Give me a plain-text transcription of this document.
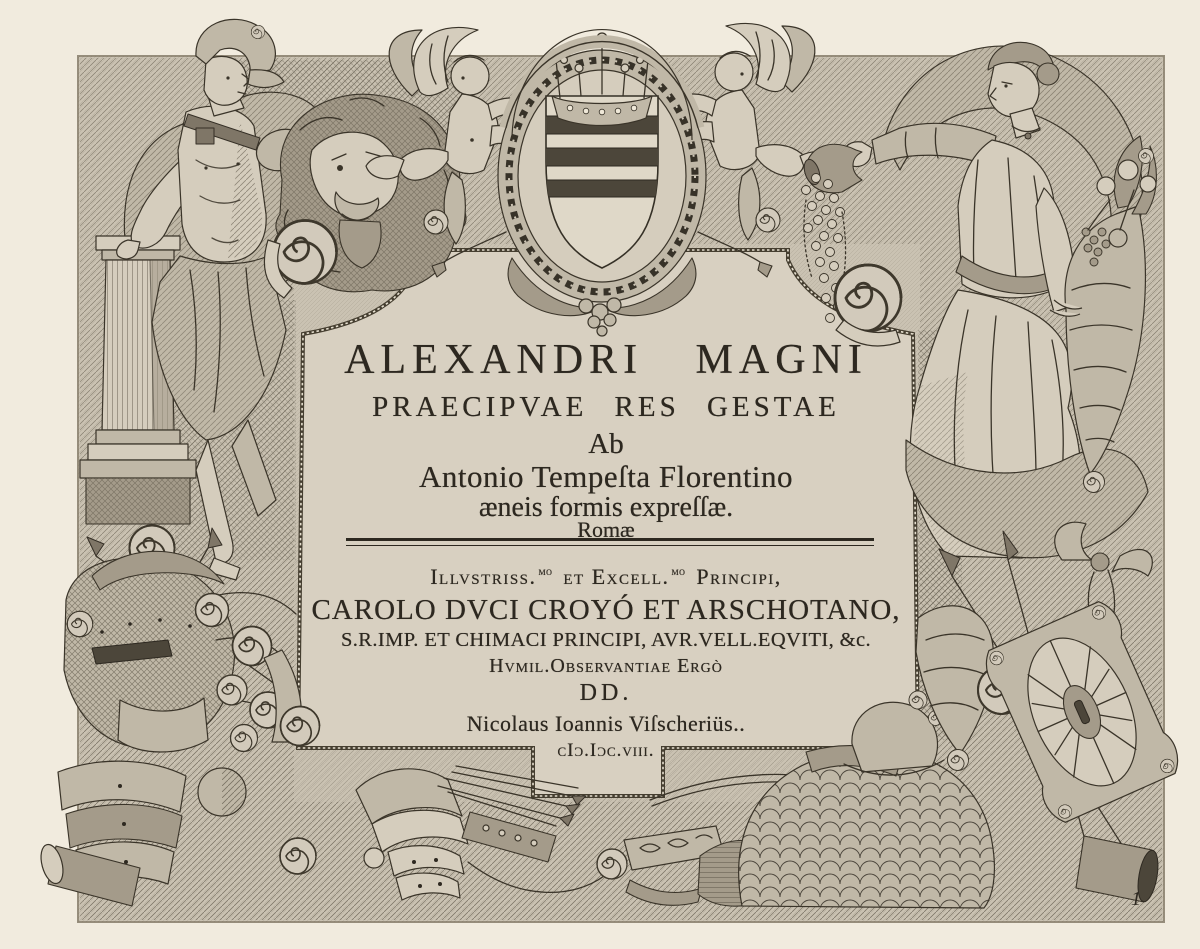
ALEXANDRI MAGNI
PRAECIPVAE RES GESTAE
Ab
Antonio Tempeſta Florentino
æneis formis expreſſæ.
Romæ
Illvstriss. $^{mo}$ et Excell. $^{mo}$ Principi,
CAROLO DVCI CROYÓ ET ARSCHOTANO,
S.R.IMP. ET CHIMACI PRINCIPI, AVR.VELL.EQVITI, &c.
Hvmil.Observantiae Ergò
DD.
Nicolaus Ioannis Viſscheriüs..
cIɔ.Iɔc.viii.
1
